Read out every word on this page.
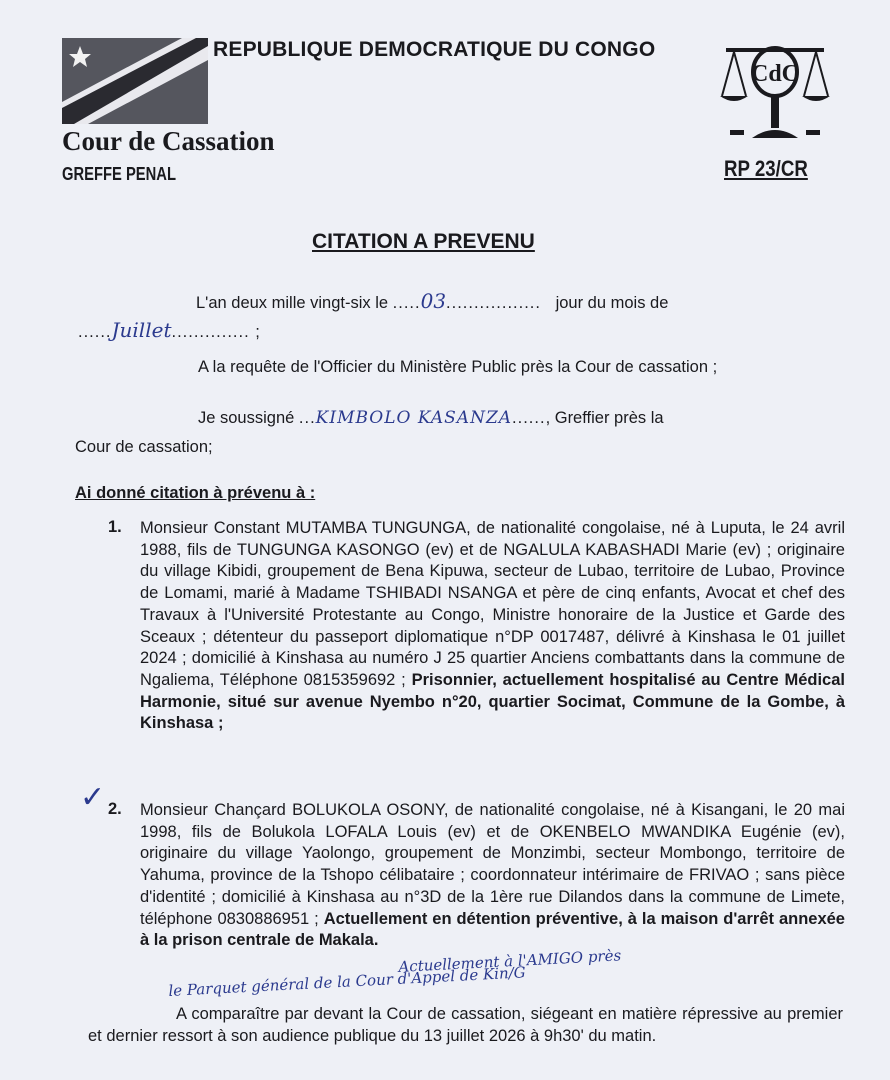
REPUBLIQUE DEMOCRATIQUE DU CONGO
CdC
Cour de Cassation
GREFFE PENAL	RP 23/CR
CITATION A PREVENU
L'an deux mille vingt-six le .....03................. jour du mois de
......Juillet.............. ;
A la requête de l'Officier du Ministère Public près la Cour de cassation ;
Je soussigné ...KIMBOLO KASANZA......, Greffier près la
Cour de cassation;
Ai donné citation à prévenu à :
1. Monsieur Constant MUTAMBA TUNGUNGA, de nationalité congolaise, né à Luputa, le 24 avril 1988, fils de TUNGUNGA KASONGO (ev) et de NGALULA KABASHADI Marie (ev) ; originaire du village Kibidi, groupement de Bena Kipuwa, secteur de Lubao, territoire de Lubao, Province de Lomami, marié à Madame TSHIBADI NSANGA et père de cinq enfants, Avocat et chef des Travaux à l'Université Protestante au Congo, Ministre honoraire de la Justice et Garde des Sceaux ; détenteur du passeport diplomatique n°DP 0017487, délivré à Kinshasa le 01 juillet 2024 ; domicilié à Kinshasa au numéro J 25 quartier Anciens combattants dans la commune de Ngaliema, Téléphone 0815359692 ; Prisonnier, actuellement hospitalisé au Centre Médical Harmonie, situé sur avenue Nyembo n°20, quartier Socimat, Commune de la Gombe, à Kinshasa ;
✓ 2. Monsieur Chançard BOLUKOLA OSONY, de nationalité congolaise, né à Kisangani, le 20 mai 1998, fils de Bolukola LOFALA Louis (ev) et de OKENBELO MWANDIKA Eugénie (ev), originaire du village Yaolongo, groupement de Monzimbi, secteur Mombongo, territoire de Yahuma, province de la Tshopo célibataire ; coordonnateur intérimaire de FRIVAO ; sans pièce d'identité ; domicilié à Kinshasa au n°3D de la 1ère rue Dilandos dans la commune de Limete, téléphone 0830886951 ; Actuellement en détention préventive, à la maison d'arrêt annexée à la prison centrale de Makala.
Actuellement à l'AMIGO près
le Parquet général de la Cour d'Appel de Kin/G
A comparaître par devant la Cour de cassation, siégeant en matière répressive au premier et dernier ressort à son audience publique du 13 juillet 2026 à 9h30' du matin.
